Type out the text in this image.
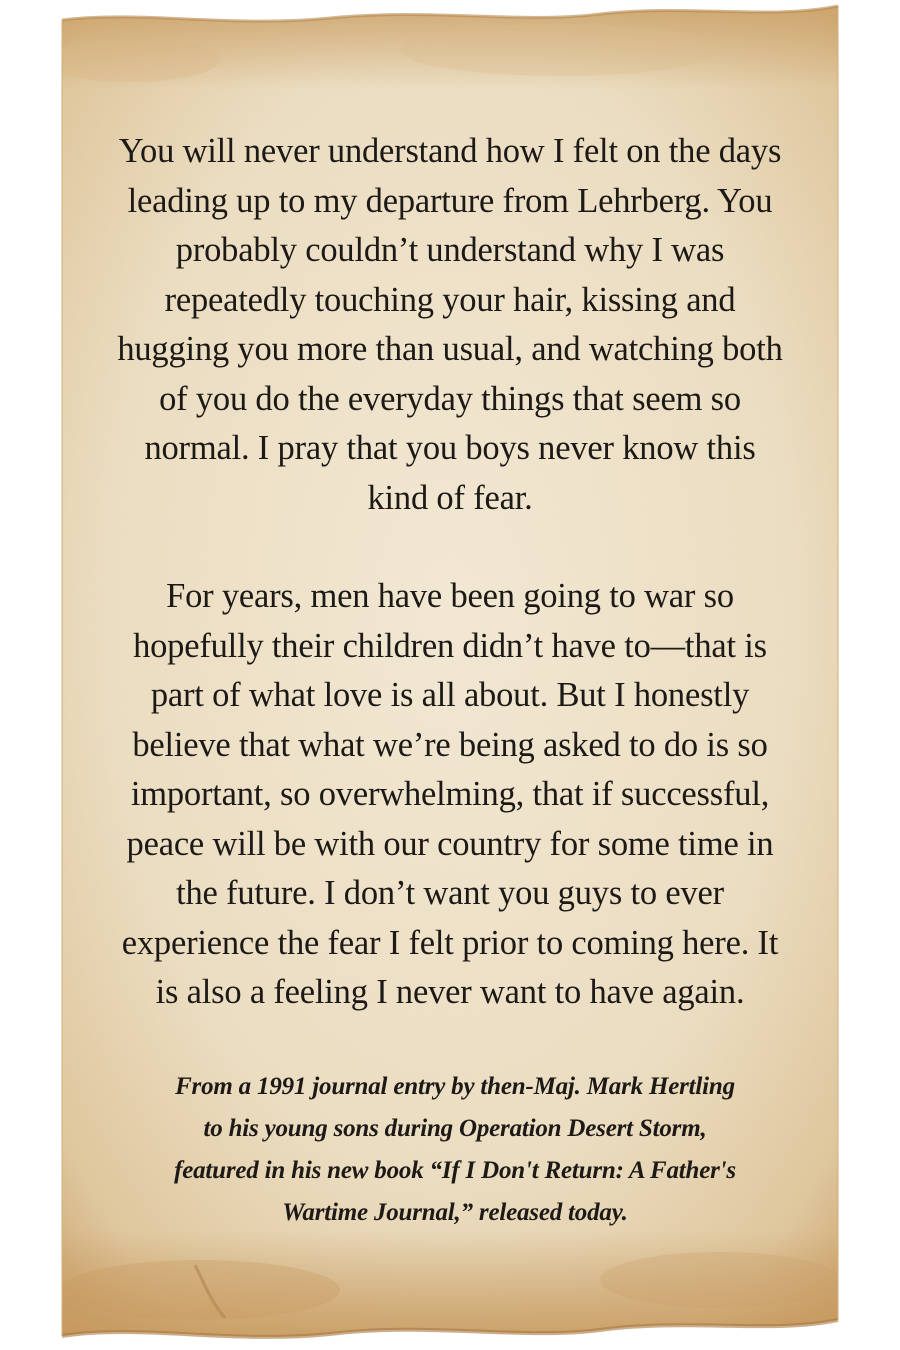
You will never understand how I felt on the days
leading up to my departure from Lehrberg. You
probably couldn’t understand why I was
repeatedly touching your hair, kissing and
hugging you more than usual, and watching both
of you do the everyday things that seem so
normal. I pray that you boys never know this
kind of fear.
For years, men have been going to war so
hopefully their children didn’t have to—that is
part of what love is all about. But I honestly
believe that what we’re being asked to do is so
important, so overwhelming, that if successful,
peace will be with our country for some time in
the future. I don’t want you guys to ever
experience the fear I felt prior to coming here. It
is also a feeling I never want to have again.
From a 1991 journal entry by then-Maj. Mark Hertling
to his young sons during Operation Desert Storm,
featured in his new book “If I Don't Return: A Father's
Wartime Journal,” released today.
